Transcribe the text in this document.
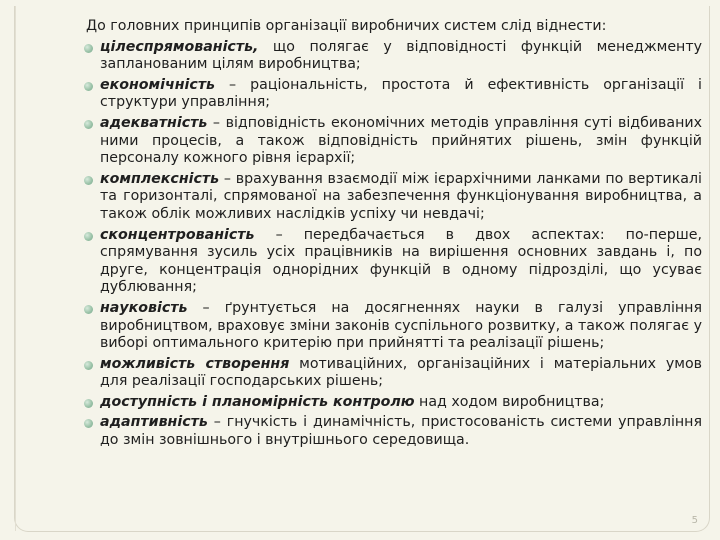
До головних принципів організації виробничих систем слід віднести:

цілеспрямованість, що полягає у відповідності функцій менеджменту запланованим цілям виробництва;
економічність – раціональність, простота й ефективність організації і структури управління;
адекватність – відповідність економічних методів управління суті відбиваних ними процесів, а також відповідність прийнятих рішень, змін функцій персоналу кожного рівня ієрархії;
комплексність – врахування взаємодії між ієрархічними ланками по вертикалі та горизонталі, спрямованої на забезпечення функціонування виробництва, а також облік можливих наслідків успіху чи невдачі;
сконцентрованість – передбачається в двох аспектах: по-перше, спрямування зусиль усіх працівників на вирішення основних завдань і, по друге, концентрація однорідних функцій в одному підрозділі, що усуває дублювання;
науковість – ґрунтується на досягненнях науки в галузі управління виробництвом, враховує зміни законів суспільного розвитку, а також полягає у виборі оптимального критерію при прийнятті та реалізації рішень;
можливість створення мотиваційних, організаційних і матеріальних умов для реалізації господарських рішень;
доступність і планомірність контролю над ходом виробництва;
адаптивність – гнучкість і динамічність, пристосованість системи управління до змін зовнішнього і внутрішнього середовища.
5
